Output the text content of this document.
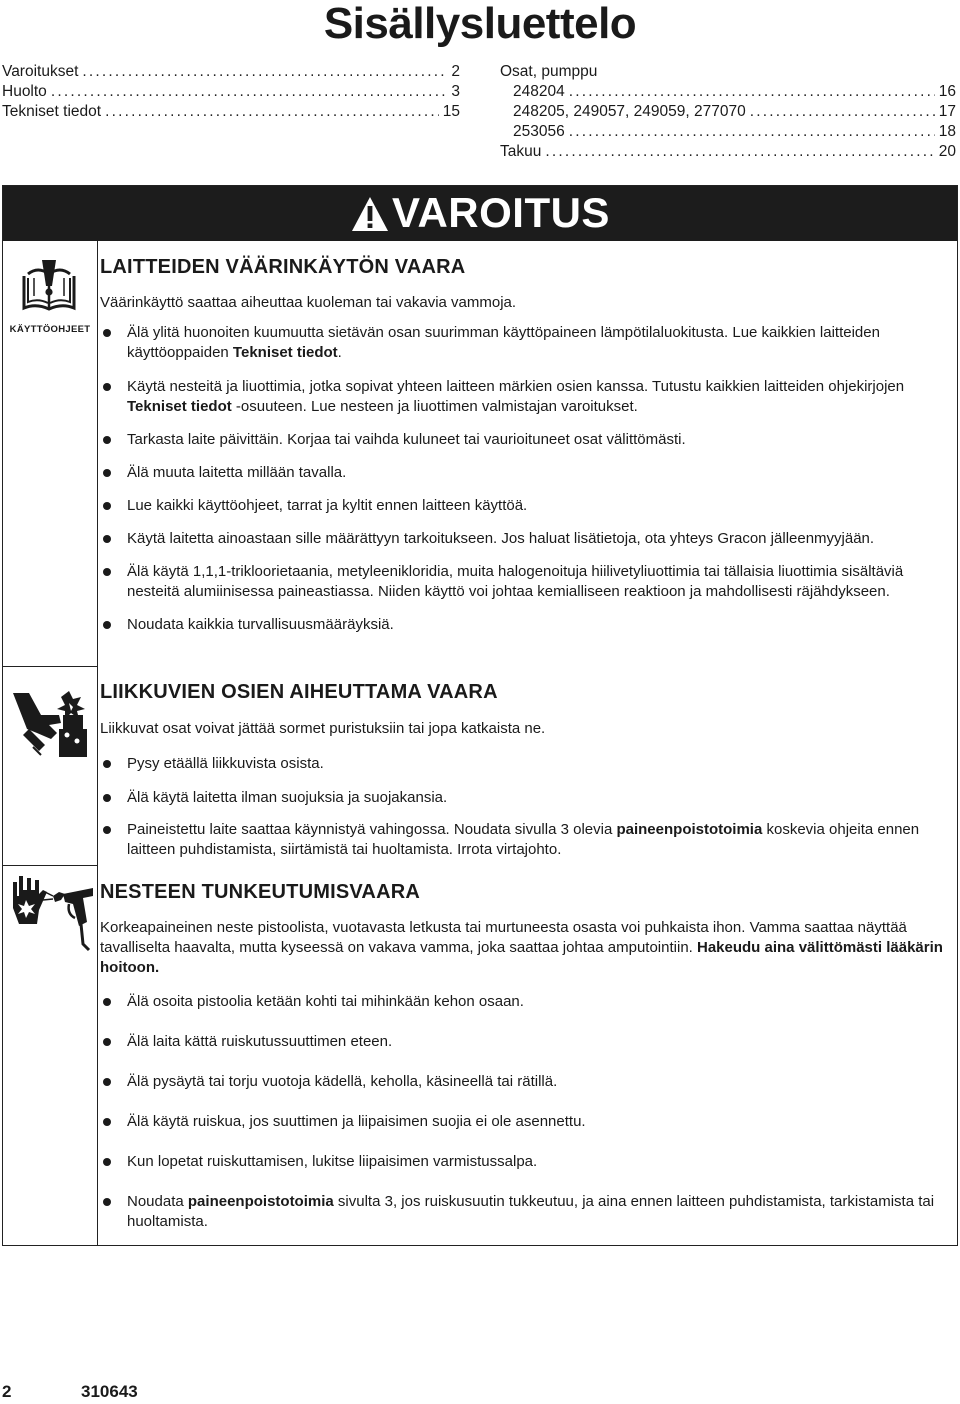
Sisällysluettelo
Varoitukset .....	2
Huolto .....	3
Tekniset tiedot .....	15
Osat, pumppu
248204 .....	16
248205, 249057, 249059, 277070 .....	17
253056 .....	18
Takuu .....	20
VAROITUS
KÄYTTÖOHJEET
LAITTEIDEN VÄÄRINKÄYTÖN VAARA
Väärinkäyttö saattaa aiheuttaa kuoleman tai vakavia vammoja.
Älä ylitä huonoiten kuumuutta sietävän osan suurimman käyttöpaineen lämpötilaluokitusta. Lue kaikkien laitteiden käyttöoppaiden Tekniset tiedot.
Käytä nesteitä ja liuottimia, jotka sopivat yhteen laitteen märkien osien kanssa. Tutustu kaikkien laitteiden ohjekirjojen Tekniset tiedot -osuuteen. Lue nesteen ja liuottimen valmistajan varoitukset.
Tarkasta laite päivittäin. Korjaa tai vaihda kuluneet tai vaurioituneet osat välittömästi.
Älä muuta laitetta millään tavalla.
Lue kaikki käyttöohjeet, tarrat ja kyltit ennen laitteen käyttöä.
Käytä laitetta ainoastaan sille määrättyyn tarkoitukseen. Jos haluat lisätietoja, ota yhteys Gracon jälleenmyyjään.
Älä käytä 1,1,1-trikloorietaania, metyleenikloridia, muita halogenoituja hiilivetyliuottimia tai tällaisia liuottimia sisältäviä nesteitä alumiinisessa paineastiassa. Niiden käyttö voi johtaa kemialliseen reaktioon ja mahdollisesti räjähdykseen.
Noudata kaikkia turvallisuusmääräyksiä.
LIIKKUVIEN OSIEN AIHEUTTAMA VAARA
Liikkuvat osat voivat jättää sormet puristuksiin tai jopa katkaista ne.
Pysy etäällä liikkuvista osista.
Älä käytä laitetta ilman suojuksia ja suojakansia.
Paineistettu laite saattaa käynnistyä vahingossa. Noudata sivulla 3 olevia paineenpoistotoimia koskevia ohjeita ennen laitteen puhdistamista, siirtämistä tai huoltamista. Irrota virtajohto.
NESTEEN TUNKEUTUMISVAARA
Korkeapaineinen neste pistoolista, vuotavasta letkusta tai murtuneesta osasta voi puhkaista ihon. Vamma saattaa näyttää tavalliselta haavalta, mutta kyseessä on vakava vamma, joka saattaa johtaa amputointiin. Hakeudu aina välittömästi lääkärin hoitoon.
Älä osoita pistoolia ketään kohti tai mihinkään kehon osaan.
Älä laita kättä ruiskutussuuttimen eteen.
Älä pysäytä tai torju vuotoja kädellä, keholla, käsineellä tai rätillä.
Älä käytä ruiskua, jos suuttimen ja liipaisimen suojia ei ole asennettu.
Kun lopetat ruiskuttamisen, lukitse liipaisimen varmistussalpa.
Noudata paineenpoistotoimia sivulta 3, jos ruiskusuutin tukkeutuu, ja aina ennen laitteen puhdistamista, tarkistamista tai huoltamista.
2	310643
